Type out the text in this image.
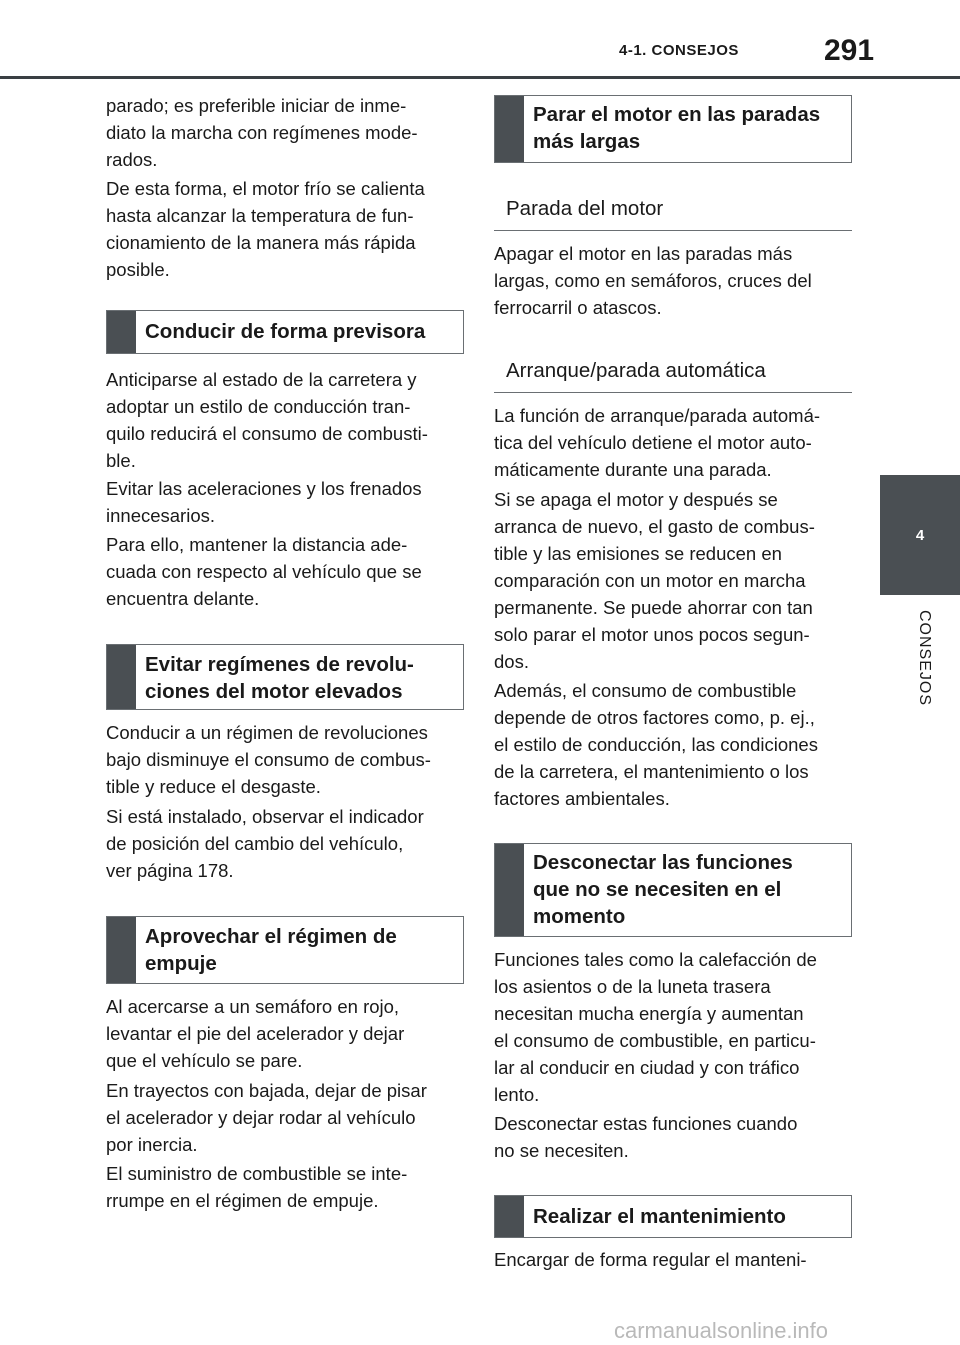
4-1. CONSEJOS	291
4
CONSEJOS

parado; es preferible iniciar de inme-
diato la marcha con regímenes mode-
rados.

De esta forma, el motor frío se calienta
hasta alcanzar la temperatura de fun-
cionamiento de la manera más rápida
posible.

Conducir de forma previsora

Anticiparse al estado de la carretera y
adoptar un estilo de conducción tran-
quilo reducirá el consumo de combusti-
ble.

Evitar las aceleraciones y los frenados
innecesarios.

Para ello, mantener la distancia ade-
cuada con respecto al vehículo que se
encuentra delante.

Evitar regímenes de revolu-
ciones del motor elevados

Conducir a un régimen de revoluciones
bajo disminuye el consumo de combus-
tible y reduce el desgaste.

Si está instalado, observar el indicador
de posición del cambio del vehículo,
ver página 178.

Aprovechar el régimen de
empuje

Al acercarse a un semáforo en rojo,
levantar el pie del acelerador y dejar
que el vehículo se pare.

En trayectos con bajada, dejar de pisar
el acelerador y dejar rodar al vehículo
por inercia.

El suministro de combustible se inte-
rrumpe en el régimen de empuje.

Parar el motor en las paradas
más largas
Parada del motor

Apagar el motor en las paradas más
largas, como en semáforos, cruces del
ferrocarril o atascos.

Arranque/parada automática

La función de arranque/parada automá-
tica del vehículo detiene el motor auto-
máticamente durante una parada.

Si se apaga el motor y después se
arranca de nuevo, el gasto de combus-
tible y las emisiones se reducen en
comparación con un motor en marcha
permanente. Se puede ahorrar con tan
solo parar el motor unos pocos segun-
dos.

Además, el consumo de combustible
depende de otros factores como, p. ej.,
el estilo de conducción, las condiciones
de la carretera, el mantenimiento o los
factores ambientales.

Desconectar las funciones
que no se necesiten en el
momento

Funciones tales como la calefacción de
los asientos o de la luneta trasera
necesitan mucha energía y aumentan
el consumo de combustible, en particu-
lar al conducir en ciudad y con tráfico
lento.

Desconectar estas funciones cuando
no se necesiten.

Realizar el mantenimiento

Encargar de forma regular el manteni-

carmanualsonline.info
